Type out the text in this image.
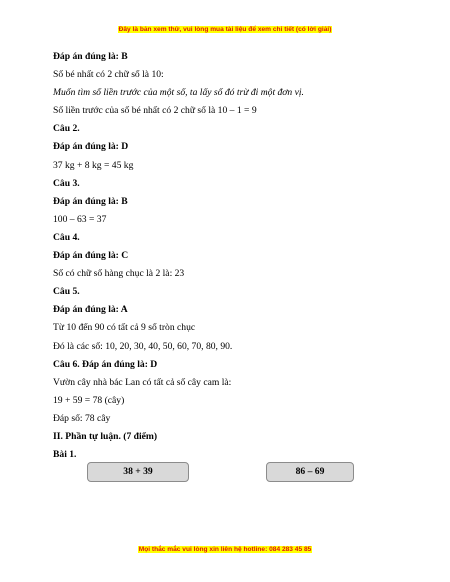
Đây là bản xem thử, vui lòng mua tài liệu để xem chi tiết (có lời giải)
Đáp án đúng là: B
Số bé nhất có 2 chữ số là 10:
Muốn tìm số liền trước của một số, ta lấy số đó trừ đi một đơn vị.
Số liền trước của số bé nhất có 2 chữ số là 10 – 1 = 9
Câu 2.
Đáp án đúng là: D
37 kg + 8 kg = 45 kg
Câu 3.
Đáp án đúng là: B
100 – 63 = 37
Câu 4.
Đáp án đúng là: C
Số có chữ số hàng chục là 2 là: 23
Câu 5.
Đáp án đúng là: A
Từ 10 đến 90 có tất cả 9 số tròn chục
Đó là các số: 10, 20, 30, 40, 50, 60, 70, 80, 90.
Câu 6. Đáp án đúng là: D
Vườn cây nhà bác Lan có tất cả số cây cam là:
19 + 59 = 78 (cây)
Đáp số: 78 cây
II. Phần tự luận. (7 điểm)
Bài 1.
38 + 39	86 – 69
Mọi thắc mắc vui lòng xin liên hệ hotline: 084 283 45 85
